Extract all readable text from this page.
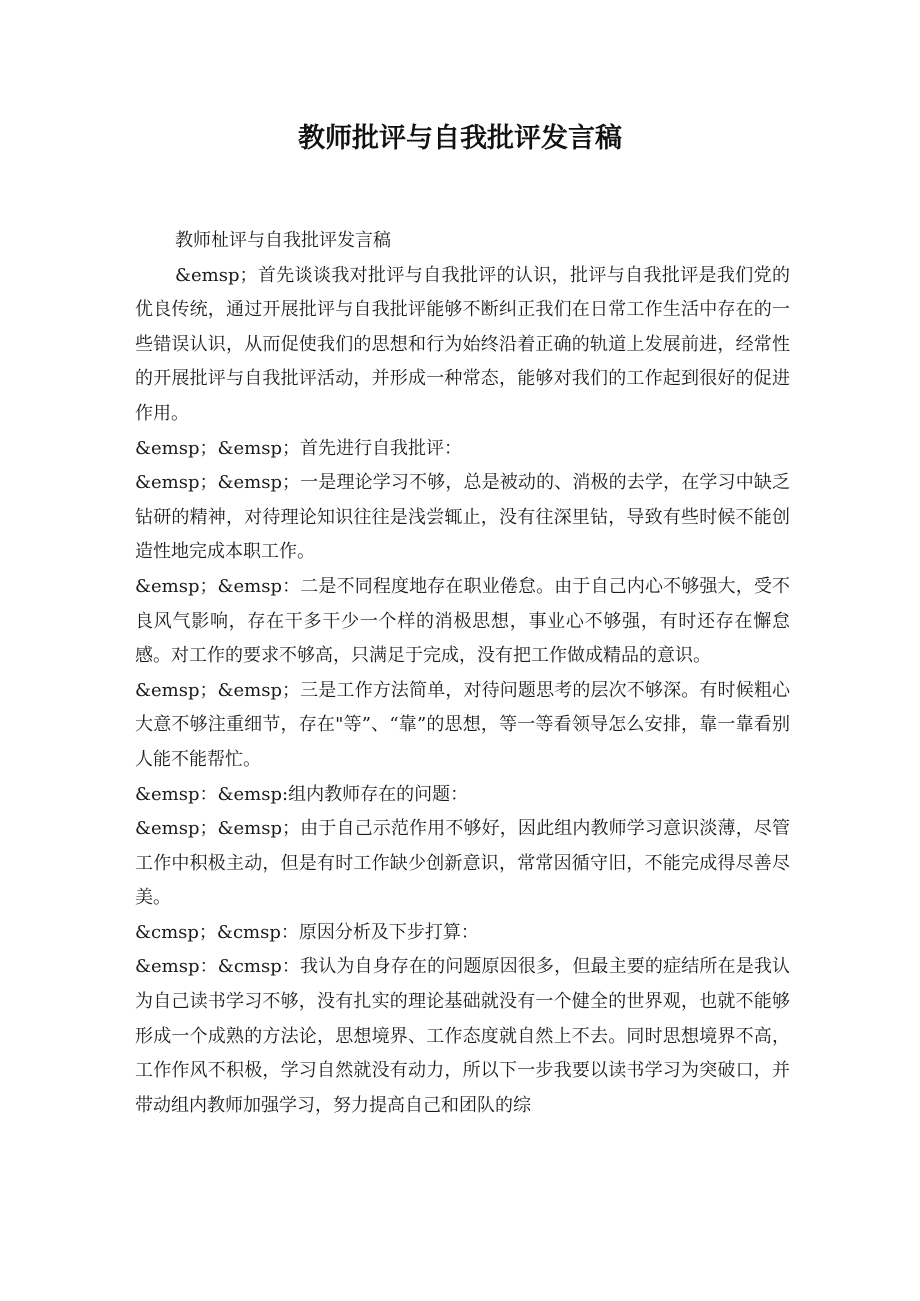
教师批评与自我批评发言稿

教师杫评与自我批评发言稿

&emsp；首先谈谈我对批评与自我批评的认识，批评与自我批评是我们党的优良传统，通过开展批评与自我批评能够不断纠正我们在日常工作生活中存在的一些错误认识，从而促使我们的思想和行为始终沿着正确的轨道上发展前进，经常性的开展批评与自我批评活动，并形成一种常态，能够对我们的工作起到很好的促进作用。

&emsp；&emsp；首先进行自我批评：

&emsp；&emsp；一是理论学习不够，总是被动的、消极的去学，在学习中缺乏钻研的精神，对待理论知识往往是浅尝辄止，没有往深里钻，导致有些时候不能创造性地完成本职工作。

&emsp；&emsp：二是不同程度地存在职业倦怠。由于自己内心不够强大，受不良风气影响，存在干多干少一个样的消极思想，事业心不够强，有时还存在懈怠感。对工作的要求不够高，只满足于完成，没有把工作做成精品的意识。

&emsp；&emsp；三是工作方法简单，对待问题思考的层次不够深。有时候粗心大意不够注重细节，存在"等”、“靠”的思想，等一等看领导怎么安排，靠一靠看别人能不能帮忙。

&emsp：&emsp:组内教师存在的问题：

&emsp；&emsp；由于自己示范作用不够好，因此组内教师学习意识淡薄，尽管工作中积极主动，但是有时工作缺少创新意识，常常因循守旧，不能完成得尽善尽美。

&cmsp；&cmsp：原因分析及下步打算：

&emsp：&cmsp：我认为自身存在的问题原因很多，但最主要的症结所在是我认为自己读书学习不够，没有扎实的理论基础就没有一个健全的世界观，也就不能够形成一个成熟的方法论，思想境界、工作态度就自然上不去。同时思想境界不高，工作作风不积极，学习自然就没有动力，所以下一步我要以读书学习为突破口，并带动组内教师加强学习，努力提高自己和团队的综
